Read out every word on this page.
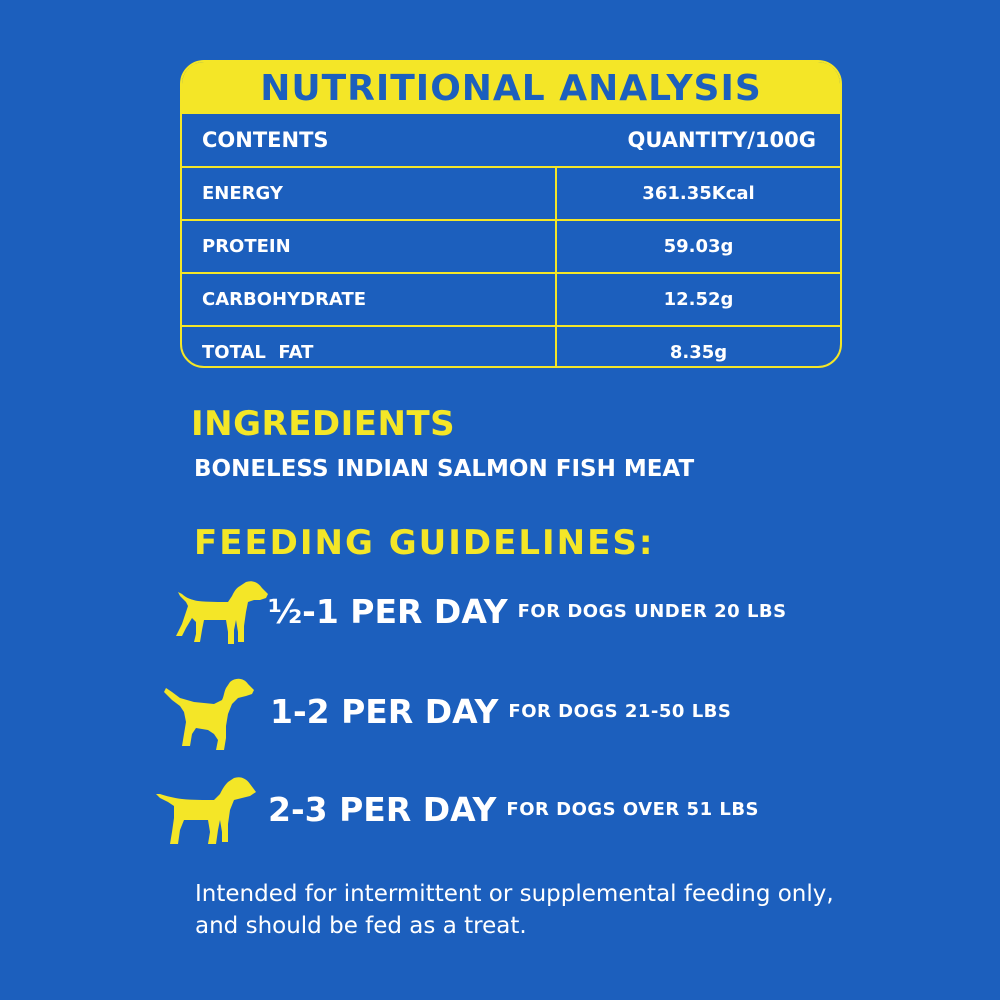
NUTRITIONAL ANALYSIS
CONTENTS	QUANTITY/100G
ENERGY	361.35Kcal
PROTEIN	59.03g
CARBOHYDRATE	12.52g
TOTAL  FAT	8.35g
INGREDIENTS
BONELESS INDIAN SALMON FISH MEAT
FEEDING GUIDELINES:
½-1 PER DAY FOR DOGS UNDER 20 LBS
1-2 PER DAY FOR DOGS 21-50 LBS
2-3 PER DAY FOR DOGS OVER 51 LBS
Intended for intermittent or supplemental feeding only, and should be fed as a treat.
